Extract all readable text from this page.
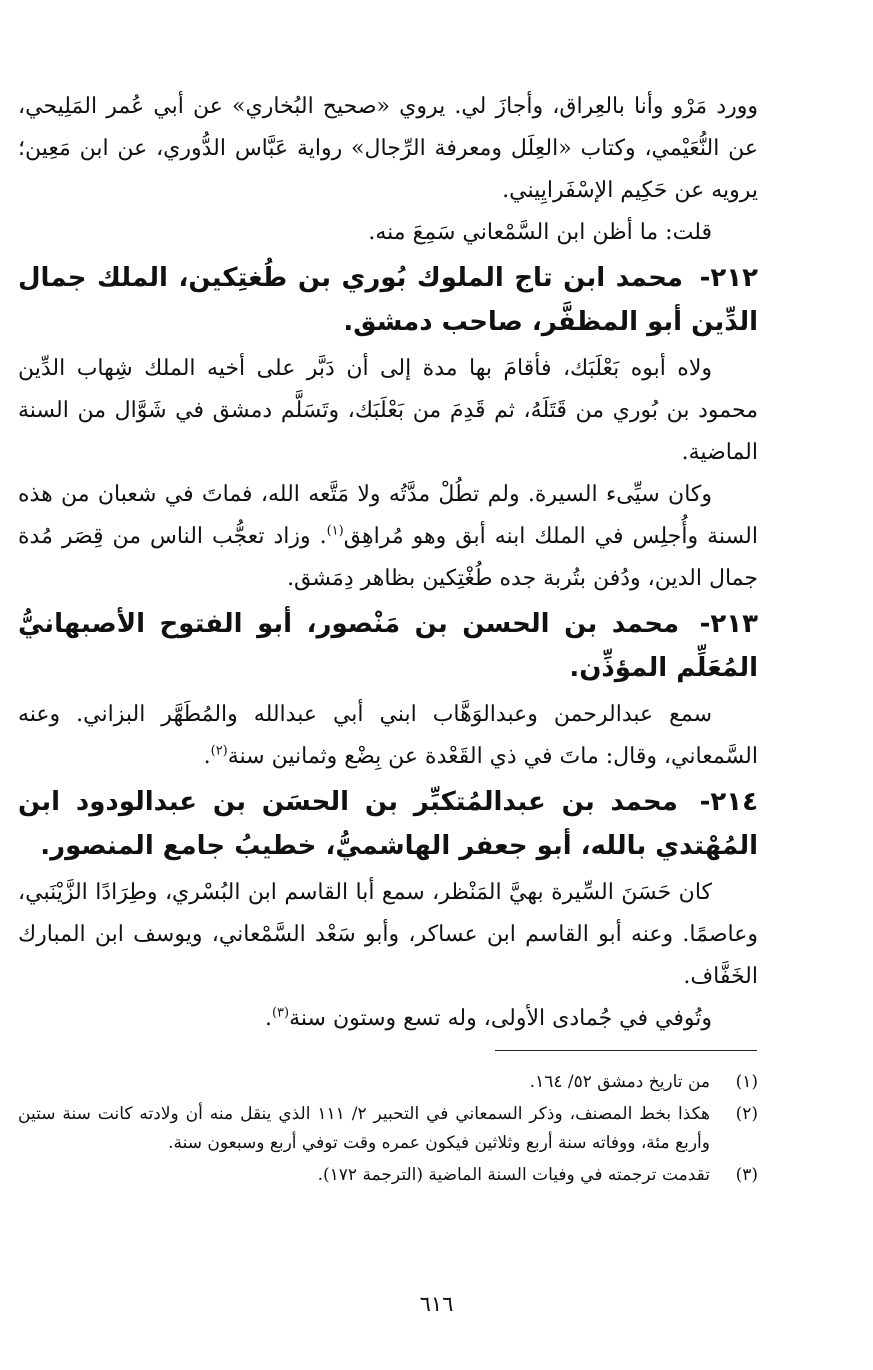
وورد مَرْو وأنا بالعِراق، وأجازَ لي. يروي «صحيح البُخاري» عن أبي عُمر المَلِيحي، عن النُّعَيْمي، وكتاب «العِلَل ومعرفة الرِّجال» رواية عَبَّاس الدُّوري، عن ابن مَعِين؛ يرويه عن حَكِيم الإسْفَرايِيني.

قلت: ما أظن ابن السَّمْعاني سَمِعَ منه.

٢١٢- محمد ابن تاج الملوك بُوري بن طُغتِكين، الملك جمال الدِّين أبو المظفَّر، صاحب دمشق.

ولاه أبوه بَعْلَبَك، فأقامَ بها مدة إلى أن دَبَّر على أخيه الملك شِهاب الدِّين محمود بن بُوري من قَتَلَهُ، ثم قَدِمَ من بَعْلَبَك، وتَسَلَّم دمشق في شَوَّال من السنة الماضية.

وكان سيِّىء السيرة. ولم تطُلْ مدَّتُه ولا مَتَّعه الله، فماتَ في شعبان من هذه السنة وأُجلِس في الملك ابنه أبق وهو مُراهِق$^{(١)}$. وزاد تعجُّب الناس من قِصَر مُدة جمال الدين، ودُفن بتُربة جده طُغْتِكين بظاهر دِمَشق.

٢١٣- محمد بن الحسن بن مَنْصور، أبو الفتوح الأصبهانيُّ المُعَلِّم المؤذِّن.

سمع عبدالرحمن وعبدالوَهَّاب ابني أبي عبدالله والمُطَهَّر البزاني. وعنه السَّمعاني، وقال: ماتَ في ذي القَعْدة عن بِضْع وثمانين سنة$^{(٢)}$.

٢١٤- محمد بن عبدالمُتكبِّر بن الحسَن بن عبدالودود ابن المُهْتدي بالله، أبو جعفر الهاشميُّ، خطيبُ جامع المنصور.

كان حَسَنَ السِّيرة بهيَّ المَنْظر، سمع أبا القاسم ابن البُسْري، وطِرَادًا الزَّيْنَبي، وعاصمًا. وعنه أبو القاسم ابن عساكر، وأبو سَعْد السَّمْعاني، ويوسف ابن المبارك الخَفَّاف.

وتُوفي في جُمادى الأولى، وله تسع وستون سنة$^{(٣)}$.

(١)
من تاريخ دمشق ٥٢/ ١٦٤.
(٢)
هكذا بخط المصنف، وذكر السمعاني في التحبير ٢/ ١١١ الذي ينقل منه أن ولادته كانت سنة ستين وأربع مئة، ووفاته سنة أربع وثلاثين فيكون عمره وقت توفي أربع وسبعون سنة.
(٣)
تقدمت ترجمته في وفيات السنة الماضية (الترجمة ١٧٢).
٦١٦
